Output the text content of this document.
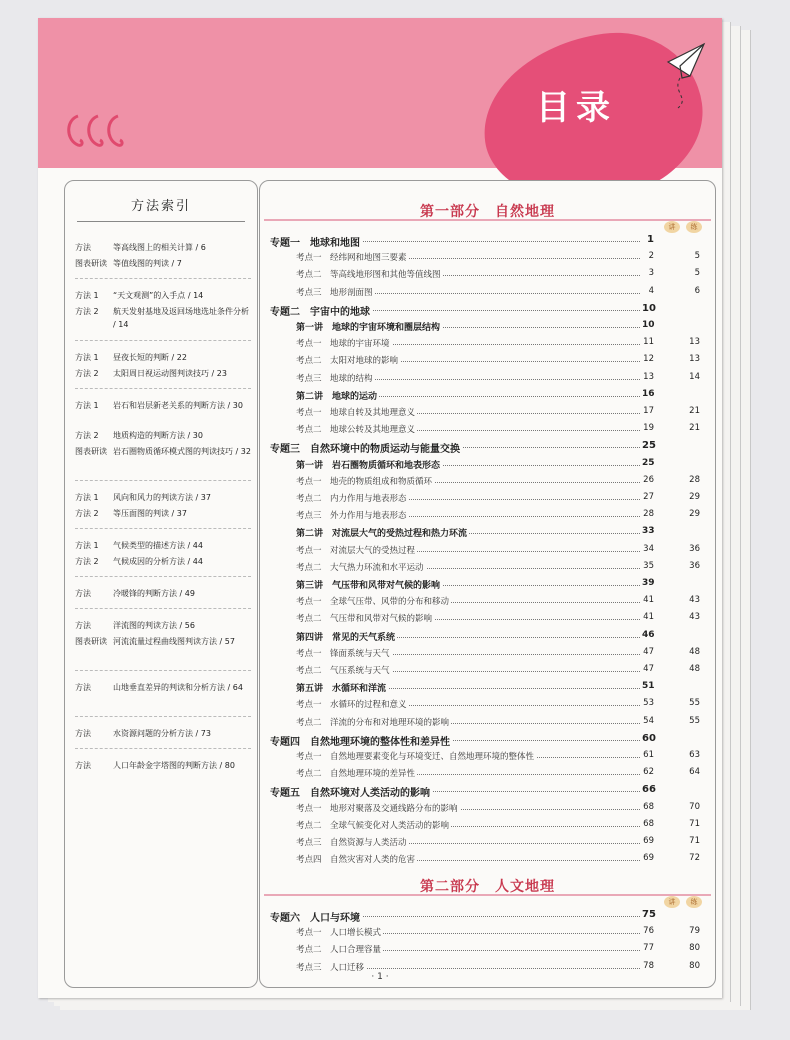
目录
方法索引
方法	等高线图上的相关计算 / 6
图表研读 等值线图的判读 / 7
方法 1 “天文观测”的入手点 / 14
方法 2 航天发射基地及返回场地选址条件分析 / 14
方法 1 昼夜长短的判断 / 22
方法 2 太阳周日视运动图判读技巧 / 23
方法 1 岩石和岩层新老关系的判断方法 / 30
方法 2 地质构造的判断方法 / 30
图表研读 岩石圈物质循环模式图的判读技巧 / 32
方法 1 风向和风力的判读方法 / 37
方法 2 等压面图的判读 / 37
方法 1 气候类型的描述方法 / 44
方法 2 气候成因的分析方法 / 44
方法	冷暖锋的判断方法 / 49
方法	洋流图的判读方法 / 56
图表研读 河流流量过程曲线图判读方法 / 57
方法	山地垂直差异的判读和分析方法 / 64
方法	水资源问题的分析方法 / 73
方法	人口年龄金字塔图的判断方法 / 80
第一部分　自然地理
讲	练
专题一　地球和地图	1
考点一　经纬网和地图三要素	2	5
考点二　等高线地形图和其他等值线图	3	5
考点三　地形剖面图	4	6
专题二　宇宙中的地球	10
第一讲　地球的宇宙环境和圈层结构	10
考点一　地球的宇宙环境	11	13
考点二　太阳对地球的影响	12	13
考点三　地球的结构	13	14
第二讲　地球的运动	16
考点一　地球自转及其地理意义	17	21
考点二　地球公转及其地理意义	19	21
专题三　自然环境中的物质运动与能量交换	25
第一讲　岩石圈物质循环和地表形态	25
考点一　地壳的物质组成和物质循环	26	28
考点二　内力作用与地表形态	27	29
考点三　外力作用与地表形态	28	29
第二讲　对流层大气的受热过程和热力环流	33
考点一　对流层大气的受热过程	34	36
考点二　大气热力环流和水平运动	35	36
第三讲　气压带和风带对气候的影响	39
考点一　全球气压带、风带的分布和移动	41	43
考点二　气压带和风带对气候的影响	41	43
第四讲　常见的天气系统	46
考点一　锋面系统与天气	47	48
考点二　气压系统与天气	47	48
第五讲　水循环和洋流	51
考点一　水循环的过程和意义	53	55
考点二　洋流的分布和对地理环境的影响	54	55
专题四　自然地理环境的整体性和差异性	60
考点一　自然地理要素变化与环境变迁、自然地理环境的整体性	61	63
考点二　自然地理环境的差异性	62	64
专题五　自然环境对人类活动的影响	66
考点一　地形对聚落及交通线路分布的影响	68	70
考点二　全球气候变化对人类活动的影响	68	71
考点三　自然资源与人类活动	69	71
考点四　自然灾害对人类的危害	69	72
第二部分　人文地理
讲	练
专题六　人口与环境	75
考点一　人口增长模式	76	79
考点二　人口合理容量	77	80
考点三　人口迁移	78	80
· 1 ·
